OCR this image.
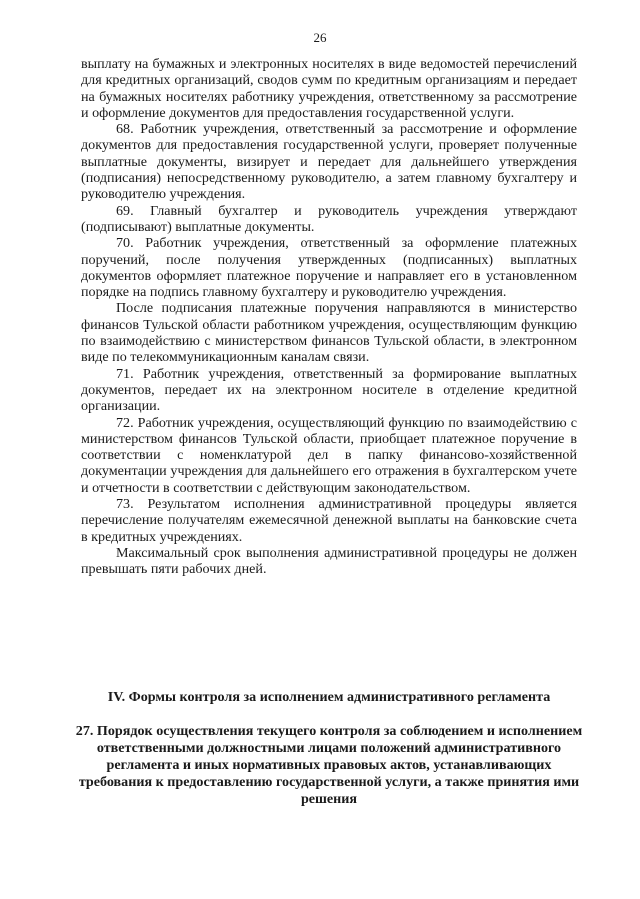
26

выплату на бумажных и электронных носителях в виде ведомостей перечислений для кредитных организаций, сводов сумм по кредитным организациям и передает на бумажных носителях работнику учреждения, ответственному за рассмотрение и оформление документов для предоставления государственной услуги.

68. Работник учреждения, ответственный за рассмотрение и оформление документов для предоставления государственной услуги, проверяет полученные выплатные документы, визирует и передает для дальнейшего утверждения (подписания) непосредственному руководителю, а затем главному бухгалтеру и руководителю учреждения.

69. Главный бухгалтер и руководитель учреждения утверждают (подписывают) выплатные документы.

70. Работник учреждения, ответственный за оформление платежных поручений, после получения утвержденных (подписанных) выплатных документов оформляет платежное поручение и направляет его в установленном порядке на подпись главному бухгалтеру и руководителю учреждения.

После подписания платежные поручения направляются в министерство финансов Тульской области работником учреждения, осуществляющим функцию по взаимодействию с министерством финансов Тульской области, в электронном виде по телекоммуникационным каналам связи.

71. Работник учреждения, ответственный за формирование выплатных документов, передает их на электронном носителе в отделение кредитной организации.

72. Работник учреждения, осуществляющий функцию по взаимодействию с министерством финансов Тульской области, приобщает платежное поручение в соответствии с номенклатурой дел в папку финансово-хозяйственной документации учреждения для дальнейшего его отражения в бухгалтерском учете и отчетности в соответствии с действующим законодательством.

73. Результатом исполнения административной процедуры является перечисление получателям ежемесячной денежной выплаты на банковские счета в кредитных учреждениях.

Максимальный срок выполнения административной процедуры не должен превышать пяти рабочих дней.

IV. Формы контроля за исполнением административного регламента
27. Порядок осуществления текущего контроля за соблюдением и исполнением ответственными должностными лицами положений административного регламента и иных нормативных правовых актов, устанавливающих требования к предоставлению государственной услуги, а также принятия ими решения
